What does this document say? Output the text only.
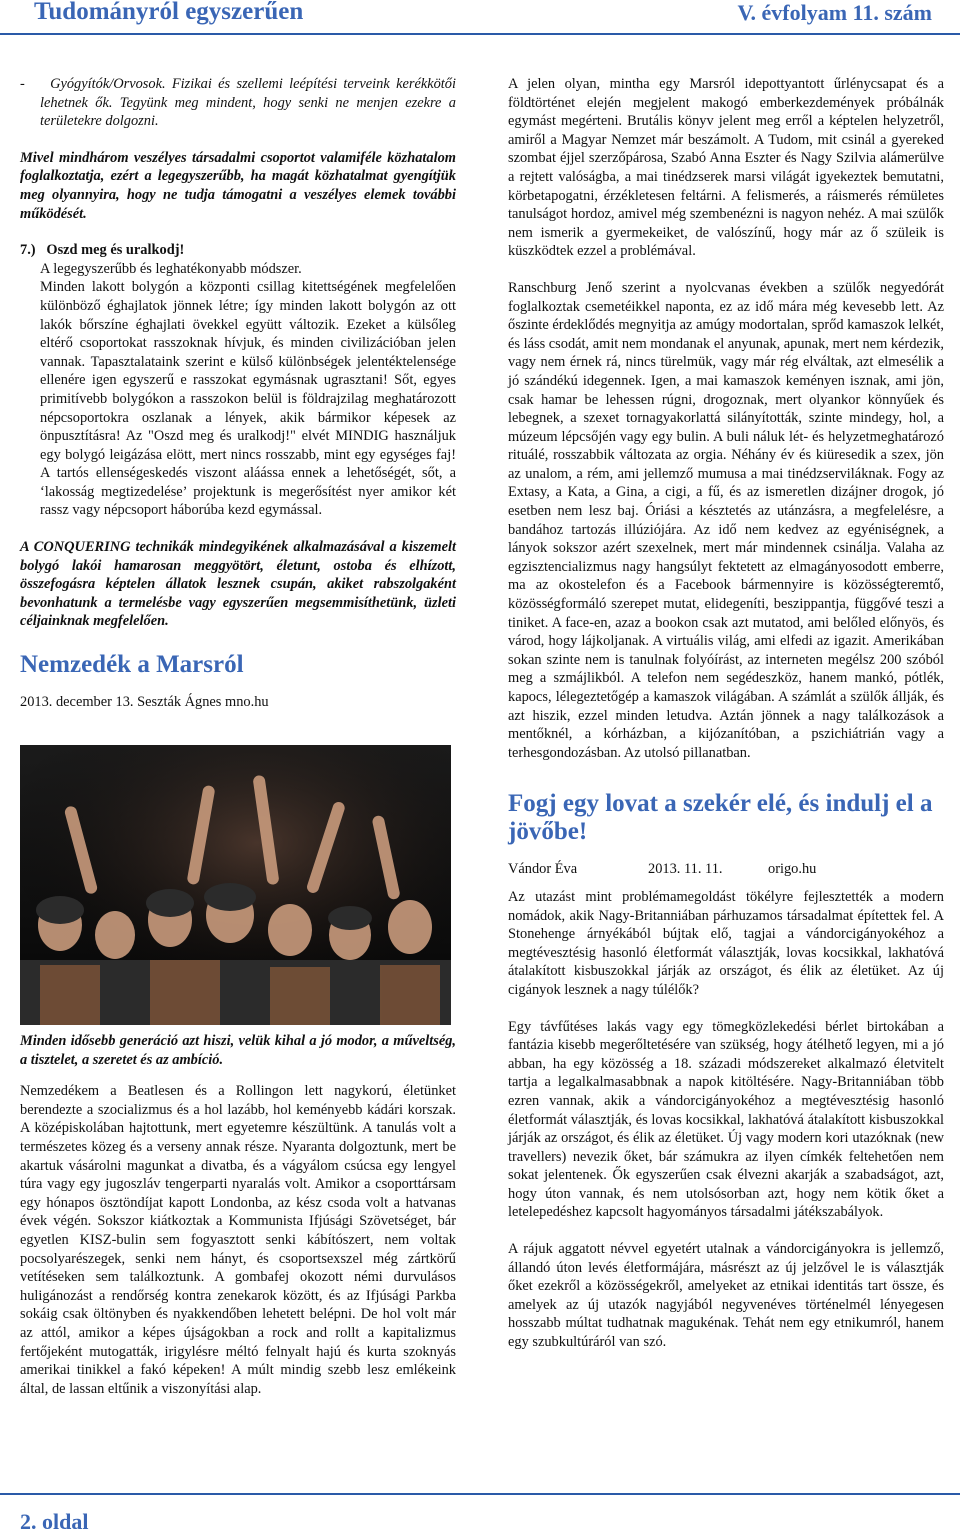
Tudományról egyszerűen	V. évfolyam 11. szám

-    Gyógyítók/Orvosok. Fizikai és szellemi leépítési terveink kerékkötői lehetnek ők. Tegyünk meg mindent, hogy senki ne menjen ezekre a területekre dolgozni.

Mivel mindhárom veszélyes társadalmi csoportot valamiféle közhatalom foglalkoztatja, ezért a legegyszerűbb, ha magát közhatalmat gyengítjük meg olyannyira, hogy ne tudja támogatni a veszélyes elemek további működését.

7.)   Oszd meg és uralkodj!

A legegyszerűbb és leghatékonyabb módszer.

Minden lakott bolygón a központi csillag kitettségének megfelelően különböző éghajlatok jönnek létre; így minden lakott bolygón az ott lakók bőrszíne éghajlati övekkel együtt változik. Ezeket a külsőleg eltérő csoportokat rasszoknak hívjuk, és minden civilizációban jelen vannak. Tapasztalataink szerint e külső különbségek jelentéktelensége ellenére igen egyszerű e rasszokat egymásnak ugrasztani! Sőt, egyes primitívebb bolygókon a rasszokon belül is földrajzilag meghatározott népcsoportokra oszlanak a lények, akik bármikor képesek az önpusztításra! Az "Oszd meg és uralkodj!" elvét MINDIG használjuk egy bolygó leigázása elött, mert nincs rosszabb, mint egy egységes faj! A tartós ellenségeskedés viszont aláássa ennek a lehetőségét, sőt, a ‘lakosság megtizedelése’ projektunk is megerősítést nyer amikor két rassz vagy népcsoport háborúba kezd egymással.

A CONQUERING technikák mindegyikének alkalmazásával a kiszemelt bolygó lakói hamarosan meggyötört, életunt, ostoba és elhízott, összefogásra képtelen állatok lesznek csupán, akiket rabszolgaként bevonhatunk a termelésbe vagy egyszerűen megsemmisíthetünk, üzleti céljainknak megfelelően.

Nemzedék a Marsról

2013. december 13. Seszták Ágnes mno.hu

Minden idősebb generáció azt hiszi, velük kihal a jó modor, a műveltség, a tisztelet, a szeretet és az ambíció.

Nemzedékem a Beatlesen és a Rollingon lett nagykorú, életünket berendezte a szocializmus és a hol lazább, hol keményebb kádári korszak. A középiskolában hajtottunk, mert egyetemre készültünk. A tanulás volt a természetes közeg és a verseny annak része. Nyaranta dolgoztunk, mert be akartuk vásárolni magunkat a divatba, és a vágyálom csúcsa egy lengyel túra vagy egy jugoszláv tengerparti nyaralás volt. Amikor a csoporttársam egy hónapos ösztöndíjat kapott Londonba, az kész csoda volt a hatvanas évek végén. Sokszor kiátkoztak a Kommunista Ifjúsági Szövetséget, bár egyetlen KISZ-bulin sem fogyasztott senki kábítószert, nem voltak pocsolyarészegek, senki nem hányt, és csoportsexszel még zártkörű vetítéseken sem találkoztunk. A gombafej okozott némi durvulásos huligánozást a rendőrség kontra zenekarok között, és az Ifjúsági Parkba sokáig csak öltönyben és nyakkendőben lehetett belépni. De hol volt már az attól, amikor a képes újságokban a rock and rollt a kapitalizmus fertőjeként mutogatták, irigylésre méltó felnyalt hajú és kurta szoknyás amerikai tinikkel a fakó képeken! A múlt mindig szebb lesz emlékeink által, de lassan eltűnik a viszonyítási alap.

A jelen olyan, mintha egy Marsról idepottyantott űrlénycsapat és a földtörténet elején megjelent makogó emberkezdemények próbálnák egymást megérteni. Brutális könyv jelent meg erről a képtelen helyzetről, amiről a Magyar Nemzet már beszámolt. A Tudom, mit csinál a gyereked szombat éjjel szerzőpárosa, Szabó Anna Eszter és Nagy Szilvia alámerülve a rejtett valóságba, a mai tinédzserek marsi világát igyekeztek bemutatni, körbetapogatni, érzékletesen feltárni. A felismerés, a ráismerés rémületes tanulságot hordoz, amivel még szembenézni is nagyon nehéz. A mai szülők nem ismerik a gyermekeiket, de valószínű, hogy már az ő szüleik is küszködtek ezzel a problémával.

Ranschburg Jenő szerint a nyolcvanas években a szülők negyedórát foglalkoztak csemetéikkel naponta, ez az idő mára még kevesebb lett. Az őszinte érdeklődés megnyitja az amúgy modortalan, sprőd kamaszok lelkét, és láss csodát, amit nem mondanak el anyunak, apunak, mert nem kérdezik, vagy nem érnek rá, nincs türelmük, vagy már rég elváltak, azt elmesélik a jó szándékú idegennek. Igen, a mai kamaszok keményen isznak, ami jön, csak hamar be lehessen rúgni, drogoznak, mert olyankor könnyűek és lebegnek, a szexet tornagyakorlattá silányították, szinte mindegy, hol, a múzeum lépcsőjén vagy egy bulin. A buli náluk lét- és helyzetmeghatározó rituálé, rosszabbik változata az orgia. Néhány év és kiüresedik a szex, jön az unalom, a rém, ami jellemző mumusa a mai tinédzserviláknak. Fogy az Extasy, a Kata, a Gina, a cigi, a fű, és az ismeretlen dizájner drogok, jó esetben nem lesz baj. Óriási a késztetés az utánzásra, a megfelelésre, a bandához tartozás illúziójára. Az idő nem kedvez az egyéniségnek, a lányok sokszor azért szexelnek, mert már mindennek csinálja. Valaha az egzisztencializmus nagy hangsúlyt fektetett az elmagányosodott emberre, ma az okostelefon és a Facebook bármennyire is közösségteremtő, közösségformáló szerepet mutat, elidegeníti, beszippantja, függővé teszi a tiniket. A face-en, azaz a bookon csak azt mutatod, ami belőled előnyös, és várod, hogy lájkoljanak. A virtuális világ, ami elfedi az igazit. Amerikában sokan szinte nem is tanulnak folyóírást, az interneten megélsz 200 szóból meg a szmájlikból. A telefon nem segédeszköz, hanem mankó, pótlék, kapocs, lélegeztetőgép a kamaszok világában. A számlát a szülők állják, és azt hiszik, ezzel minden letudva. Aztán jönnek a nagy találkozások a mentőknél, a kórházban, a kijózanítóban, a pszichiátrián vagy a terhesgondozásban. Az utolsó pillanatban.

Fogj egy lovat a szekér elé, és indulj el a jövőbe!

Vándor Éva	2013. 11. 11.	origo.hu

Az utazást mint problémamegoldást tökélyre fejlesztették a modern nomádok, akik Nagy-Britanniában párhuzamos társadalmat építettek fel. A Stonehenge árnyékából bújtak elő, tagjai a vándorcigányokéhoz a megtévesztésig hasonló életformát választják, lovas kocsikkal, lakhatóvá átalakított kisbuszokkal járják az országot, és élik az életüket. Az új cigányok lesznek a nagy túlélők?

Egy távfűtéses lakás vagy egy tömegközlekedési bérlet birtokában a fantázia kisebb megerőltetésére van szükség, hogy átélhető legyen, mi a jó abban, ha egy közösség a 18. századi módszereket alkalmazó életvitelt tartja a legalkalmasabbnak a napok kitöltésére. Nagy-Britanniában több ezren vannak, akik a vándorcigányokéhoz a megtévesztésig hasonló életformát választják, és lovas kocsikkal, lakhatóvá átalakított kisbuszokkal járják az országot, és élik az életüket. Új vagy modern kori utazóknak (new travellers) nevezik őket, bár számukra az ilyen címkék feltehetően nem sokat jelentenek. Ők egyszerűen csak élvezni akarják a szabadságot, azt, hogy úton vannak, és nem utolsósorban azt, hogy nem kötik őket a letelepedéshez kapcsolt hagyományos társadalmi játékszabályok.

A rájuk aggatott névvel egyetért utalnak a vándorcigányokra is jellemző, állandó úton levés életformájára, másrészt az új jelzővel le is választják őket ezekről a közösségekről, amelyeket az etnikai identitás tart össze, és amelyek az új utazók nagyjából negyvenéves történelmél lényegesen hosszabb múltat tudhatnak magukénak. Tehát nem egy etnikumról, hanem egy szubkultúráról van szó.

2. oldal
